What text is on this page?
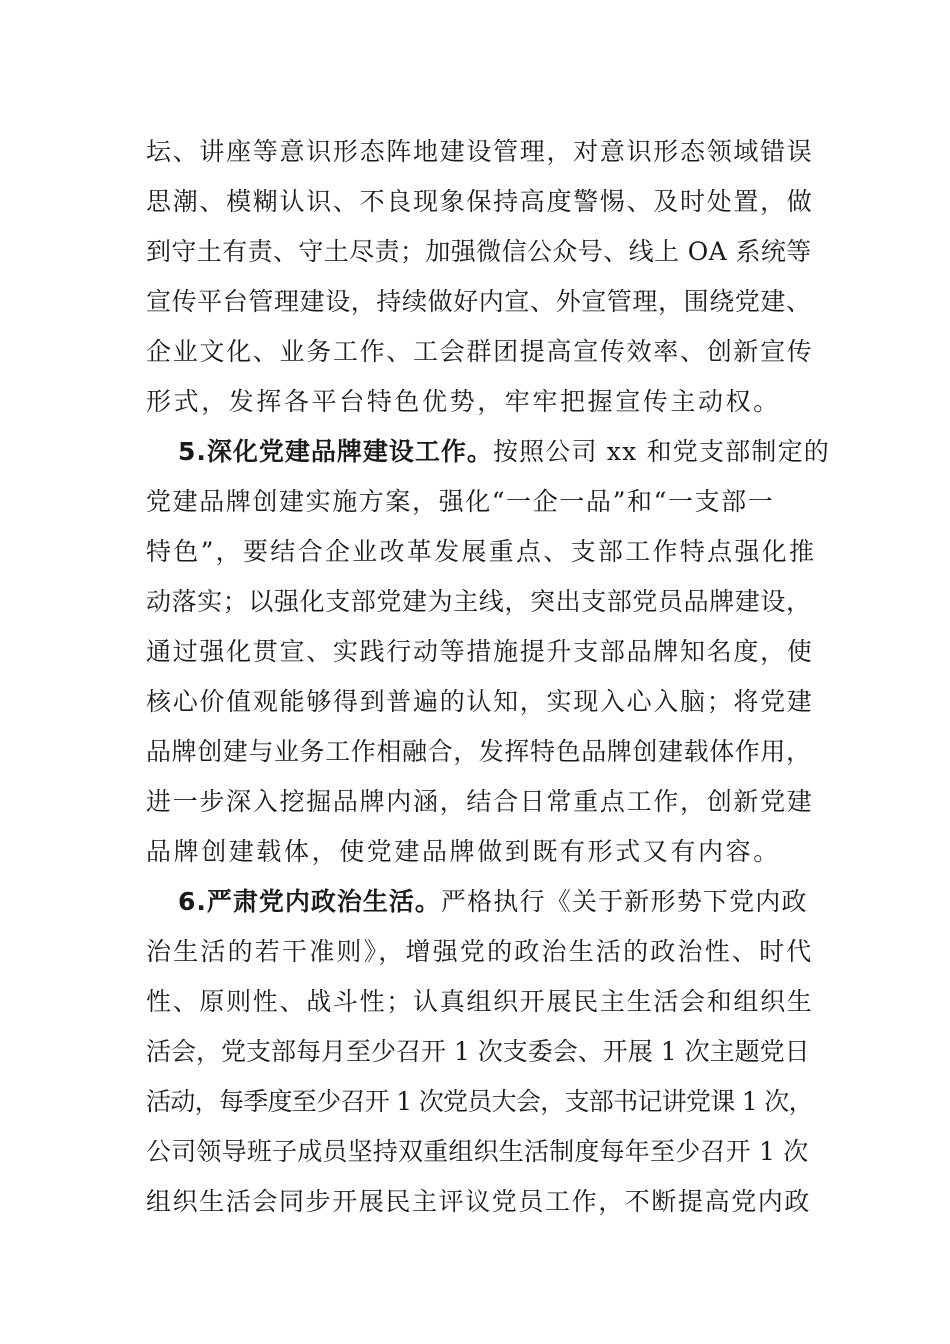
坛、讲座等意识形态阵地建设管理，对意识形态领域错误
思潮、模糊认识、不良现象保持高度警惕、及时处置，做
到守土有责、守土尽责；加强微信公众号、线上 OA 系统等
宣传平台管理建设，持续做好内宣、外宣管理，围绕党建、
企业文化、业务工作、工会群团提高宣传效率、创新宣传
形式，发挥各平台特色优势，牢牢把握宣传主动权。
5.深化党建品牌建设工作。按照公司 xx 和党支部制定的
党建品牌创建实施方案，强化“一企一品”和“一支部一
特色”，要结合企业改革发展重点、支部工作特点强化推
动落实；以强化支部党建为主线，突出支部党员品牌建设，
通过强化贯宣、实践行动等措施提升支部品牌知名度，使
核心价值观能够得到普遍的认知，实现入心入脑；将党建
品牌创建与业务工作相融合，发挥特色品牌创建载体作用，
进一步深入挖掘品牌内涵，结合日常重点工作，创新党建
品牌创建载体，使党建品牌做到既有形式又有内容。
6.严肃党内政治生活。严格执行《关于新形势下党内政
治生活的若干准则》，增强党的政治生活的政治性、时代
性、原则性、战斗性；认真组织开展民主生活会和组织生
活会，党支部每月至少召开 1 次支委会、开展 1 次主题党日
活动，每季度至少召开 1 次党员大会，支部书记讲党课 1 次，
公司领导班子成员坚持双重组织生活制度每年至少召开 1 次
组织生活会同步开展民主评议党员工作，不断提高党内政
